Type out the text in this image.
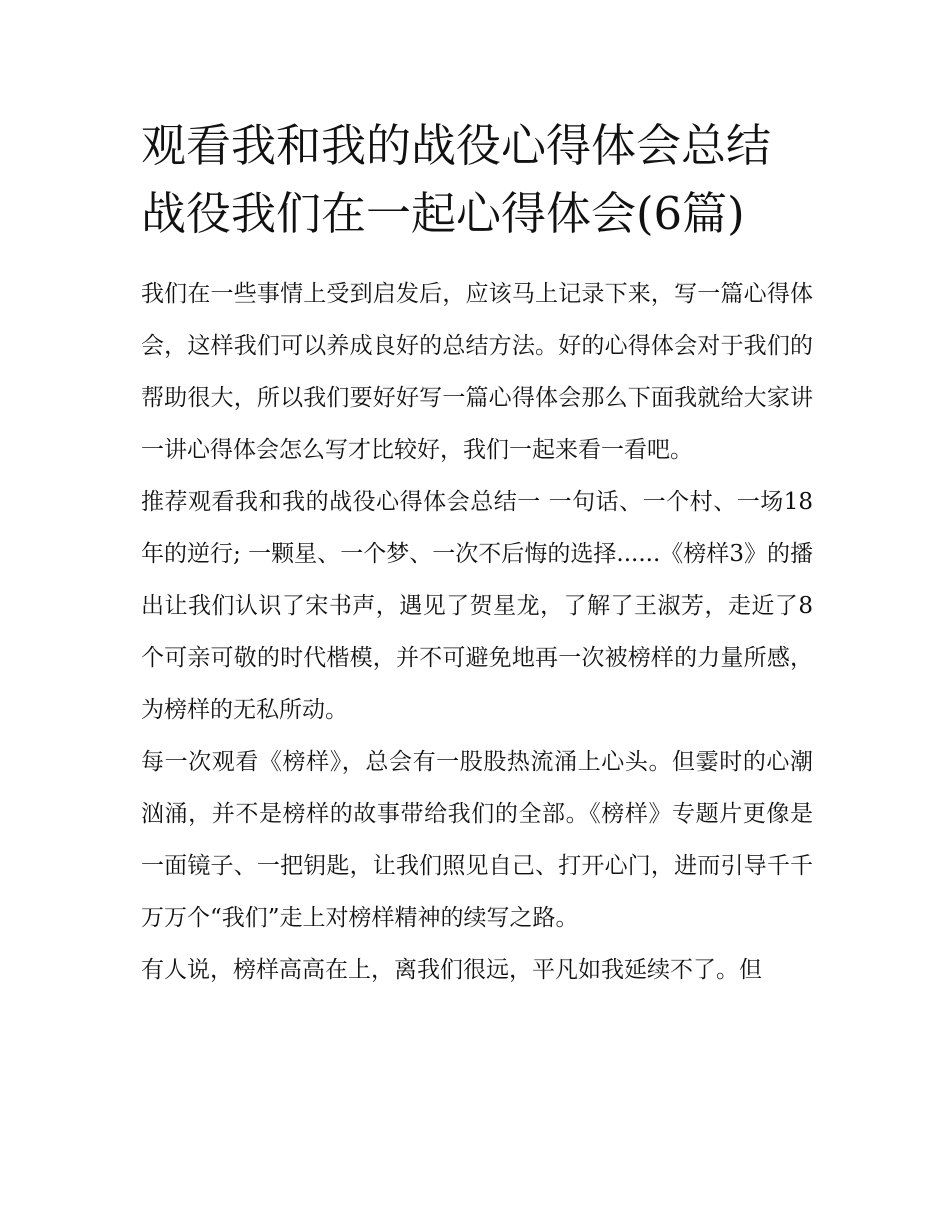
观看我和我的战役心得体会总结 战役我们在一起心得体会(6篇)

我们在一些事情上受到启发后，应该马上记录下来，写一篇心得体会，这样我们可以养成良好的总结方法。好的心得体会对于我们的帮助很大，所以我们要好好写一篇心得体会那么下面我就给大家讲一讲心得体会怎么写才比较好，我们一起来看一看吧。

推荐观看我和我的战役心得体会总结一 一句话、一个村、一场18年的逆行; 一颗星、一个梦、一次不后悔的选择......《榜样3》的播出让我们认识了宋书声，遇见了贺星龙，了解了王淑芳，走近了8个可亲可敬的时代楷模，并不可避免地再一次被榜样的力量所感，为榜样的无私所动。

每一次观看《榜样》，总会有一股股热流涌上心头。但霎时的心潮汹涌，并不是榜样的故事带给我们的全部。《榜样》专题片更像是一面镜子、一把钥匙，让我们照见自己、打开心门，进而引导千千万万个“我们”走上对榜样精神的续写之路。

有人说，榜样高高在上，离我们很远，平凡如我延续不了。但
